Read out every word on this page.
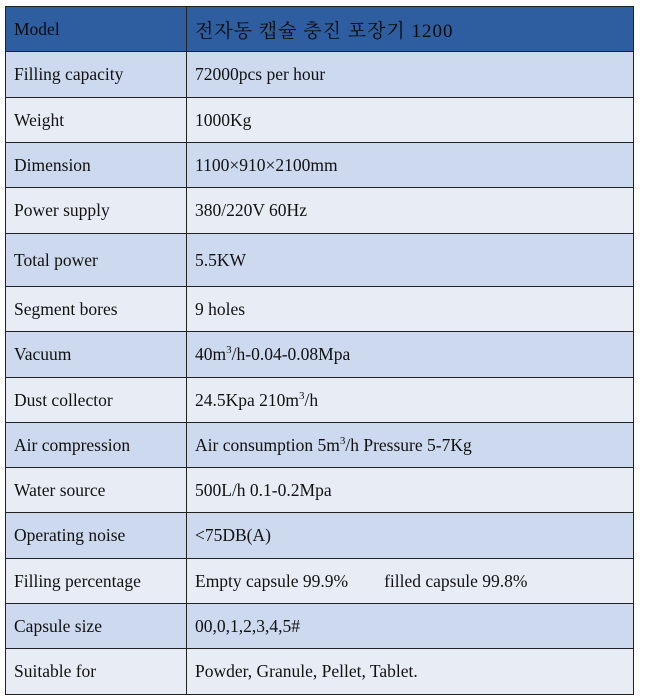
Model	전자동 캡슐 충진 포장기 1200
Filling capacity	72000pcs per hour
Weight	1000Kg
Dimension	1100×910×2100mm
Power supply	380/220V 60Hz
Total power	5.5KW
Segment bores	9 holes
Vacuum	$40m^3/h-0.04-0.08Mpa$
Dust collector	24.5Kpa $210m^3/h$
Air compression	Air consumption $5m^3/h$ Pressure 5-7Kg
Water source	500L/h 0.1-0.2Mpa
Operating noise	<75DB(A)
Filling percentage	Empty capsule 99.9% filled capsule 99.8%
Capsule size	00,0,1,2,3,4,5#
Suitable for	Powder, Granule, Pellet, Tablet.
